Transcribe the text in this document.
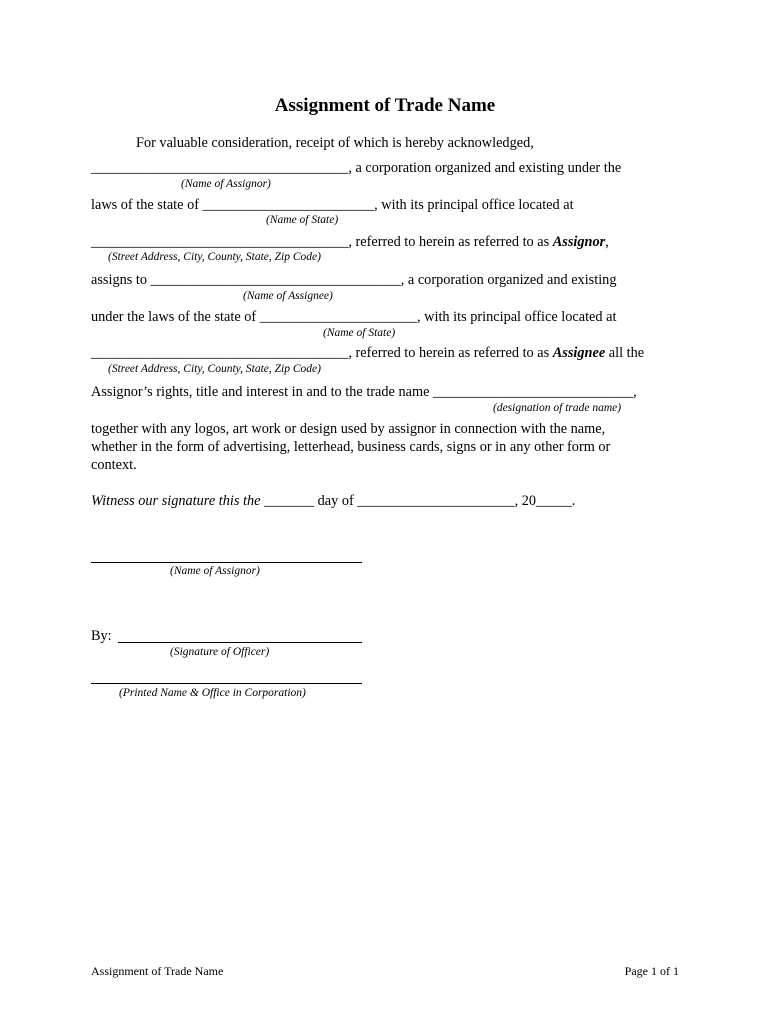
Assignment of Trade Name
For valuable consideration, receipt of which is hereby acknowledged,
____________________________________, a corporation organized and existing under the
(Name of Assignor)
laws of the state of ________________________, with its principal office located at
(Name of State)
____________________________________, referred to herein as referred to as Assignor,
(Street Address, City, County, State, Zip Code)
assigns to ___________________________________, a corporation organized and existing
(Name of Assignee)
under the laws of the state of ______________________, with its principal office located at
(Name of State)
____________________________________, referred to herein as referred to as Assignee all the
(Street Address, City, County, State, Zip Code)
Assignor’s rights, title and interest in and to the trade name ____________________________,
(designation of trade name)
together with any logos, art work or design used by assignor in connection with the name, whether in the form of advertising, letterhead, business cards, signs or in any other form or context.
Witness our signature this the _______ day of ______________________, 20_____.
(Name of Assignor)
By:
(Signature of Officer)
(Printed Name & Office in Corporation)
Assignment of Trade Name	Page 1 of 1
